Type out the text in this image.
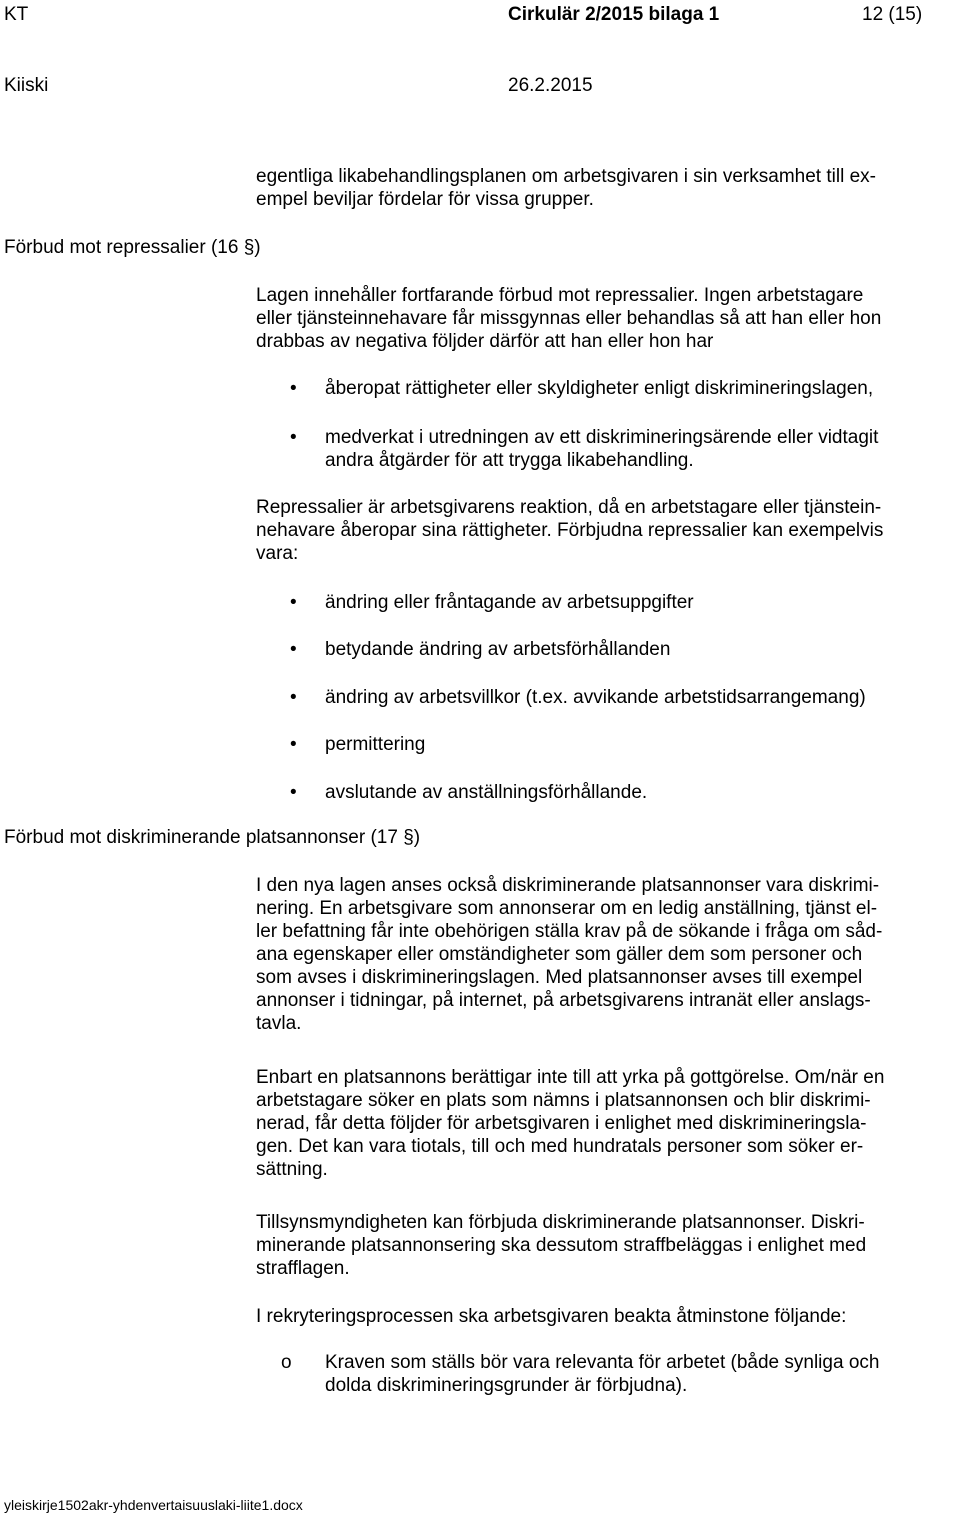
KT	Cirkulär 2/2015 bilaga 1	12 (15)
Kiiski	26.2.2015
Förbud mot repressalier (16 §)
Förbud mot diskriminerande platsannonser (17 §)

egentliga likabehandlingsplanen om arbetsgivaren i sin verksamhet till ex-
empel beviljar fördelar för vissa grupper.

Lagen innehåller fortfarande förbud mot repressalier. Ingen arbetstagare
eller tjänsteinnehavare får missgynnas eller behandlas så att han eller hon
drabbas av negativa följder därför att han eller hon har

• åberopat rättigheter eller skyldigheter enligt diskrimineringslagen,
• medverkat i utredningen av ett diskrimineringsärende eller vidtagit
andra åtgärder för att trygga likabehandling.

Repressalier är arbetsgivarens reaktion, då en arbetstagare eller tjänstein-
nehavare åberopar sina rättigheter. Förbjudna repressalier kan exempelvis
vara:

• ändring eller fråntagande av arbetsuppgifter
• betydande ändring av arbetsförhållanden
• ändring av arbetsvillkor (t.ex. avvikande arbetstidsarrangemang)
• permittering
• avslutande av anställningsförhållande.

I den nya lagen anses också diskriminerande platsannonser vara diskrimi-
nering. En arbetsgivare som annonserar om en ledig anställning, tjänst el-
ler befattning får inte obehörigen ställa krav på de sökande i fråga om såd-
ana egenskaper eller omständigheter som gäller dem som personer och
som avses i diskrimineringslagen. Med platsannonser avses till exempel
annonser i tidningar, på internet, på arbetsgivarens intranät eller anslags-
tavla.

Enbart en platsannons berättigar inte till att yrka på gottgörelse. Om/när en
arbetstagare söker en plats som nämns i platsannonsen och blir diskrimi-
nerad, får detta följder för arbetsgivaren i enlighet med diskrimineringsla-
gen. Det kan vara tiotals, till och med hundratals personer som söker er-
sättning.

Tillsynsmyndigheten kan förbjuda diskriminerande platsannonser. Diskri-
minerande platsannonsering ska dessutom straffbeläggas i enlighet med
strafflagen.

I rekryteringsprocessen ska arbetsgivaren beakta åtminstone följande:

o Kraven som ställs bör vara relevanta för arbetet (både synliga och
dolda diskrimineringsgrunder är förbjudna).
yleiskirje1502akr-yhdenvertaisuuslaki-liite1.docx
